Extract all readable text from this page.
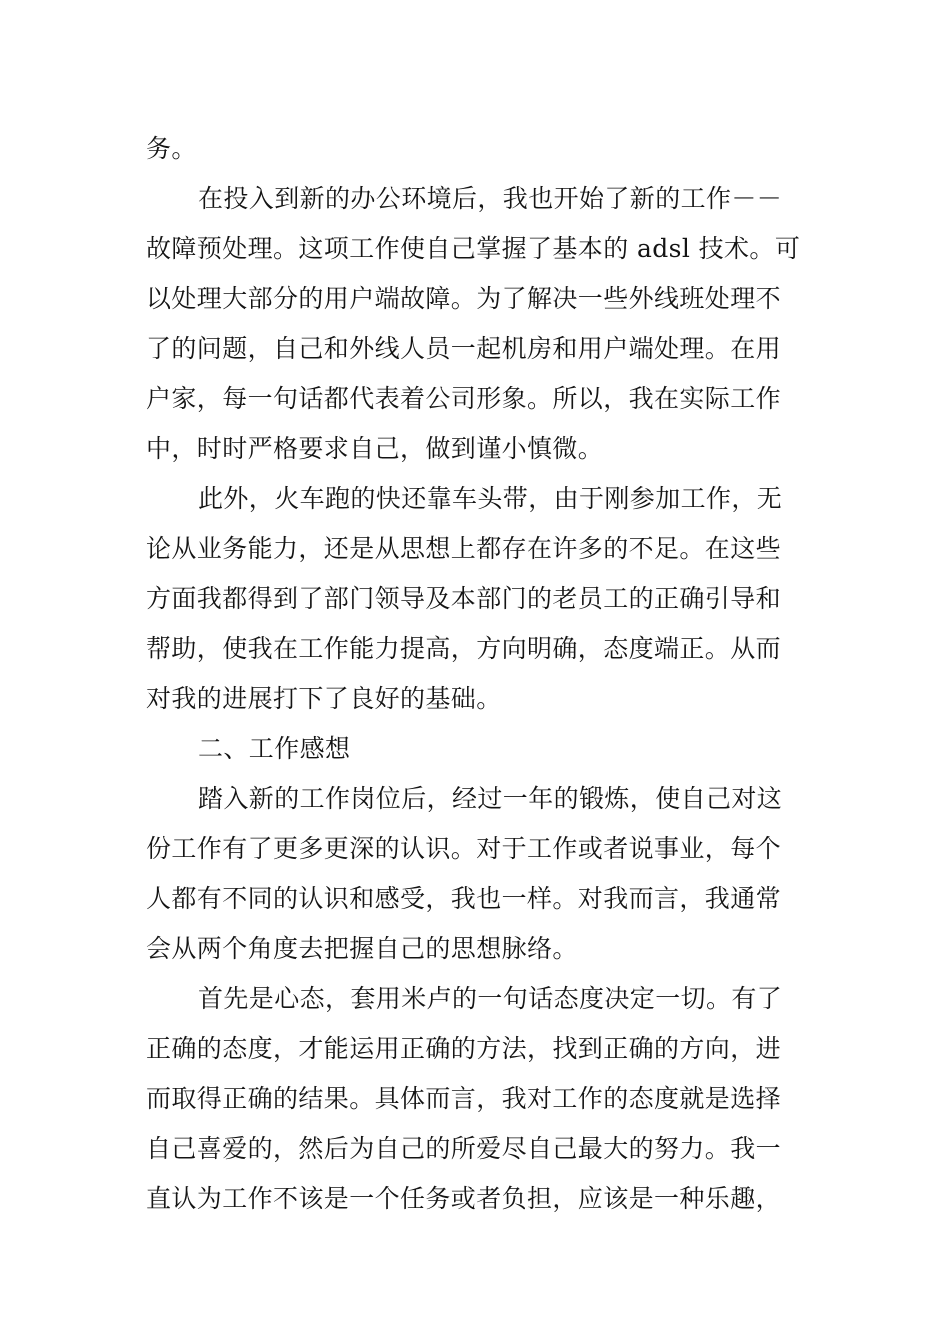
务。

在投入到新的办公环境后，我也开始了新的工作－－
故障预处理。这项工作使自己掌握了基本的 adsl 技术。可
以处理大部分的用户端故障。为了解决一些外线班处理不
了的问题，自己和外线人员一起机房和用户端处理。在用
户家，每一句话都代表着公司形象。所以，我在实际工作
中，时时严格要求自己，做到谨小慎微。

此外，火车跑的快还靠车头带，由于刚参加工作，无
论从业务能力，还是从思想上都存在许多的不足。在这些
方面我都得到了部门领导及本部门的老员工的正确引导和
帮助，使我在工作能力提高，方向明确，态度端正。从而
对我的进展打下了良好的基础。

二、工作感想

踏入新的工作岗位后，经过一年的锻炼，使自己对这
份工作有了更多更深的认识。对于工作或者说事业，每个
人都有不同的认识和感受，我也一样。对我而言，我通常
会从两个角度去把握自己的思想脉络。

首先是心态，套用米卢的一句话态度决定一切。有了
正确的态度，才能运用正确的方法，找到正确的方向，进
而取得正确的结果。具体而言，我对工作的态度就是选择
自己喜爱的，然后为自己的所爱尽自己最大的努力。我一
直认为工作不该是一个任务或者负担，应该是一种乐趣，
